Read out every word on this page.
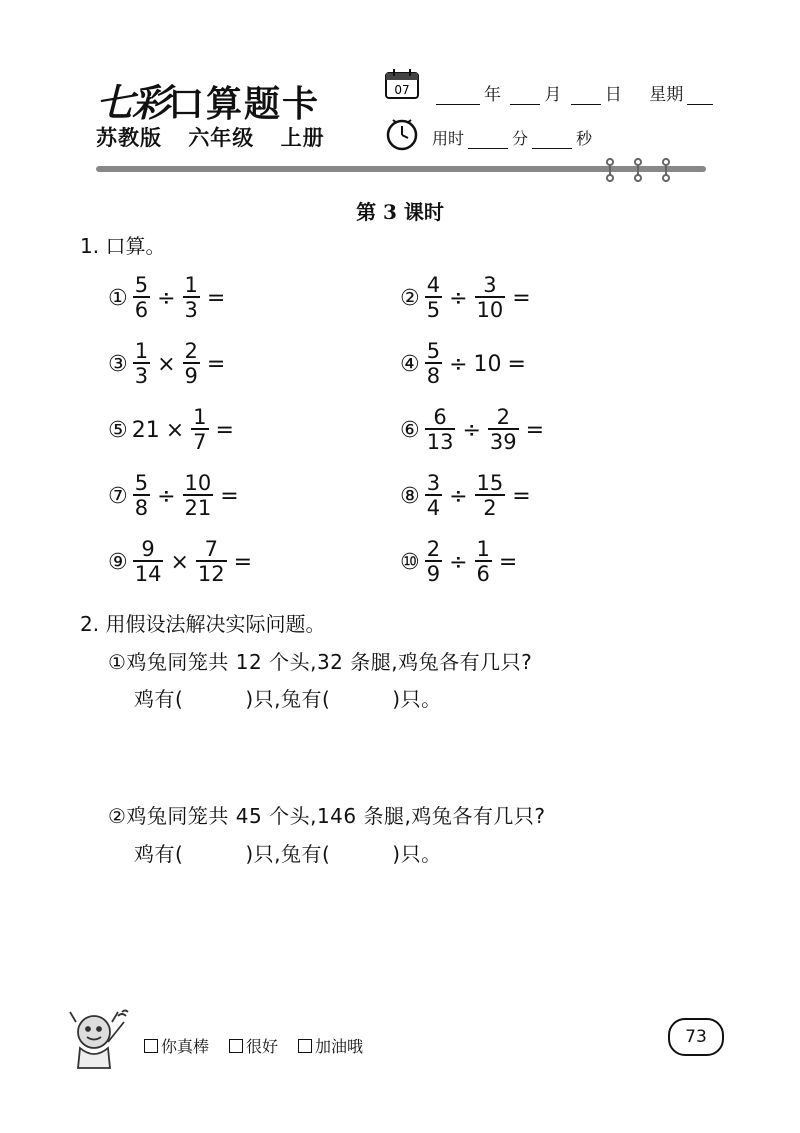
七彩口算题卡
苏教版 六年级 上册
07	年	月	日 星期
用时	分	秒
第 3 课时
1. 口算。
① $\frac{5}{6} \div \frac{1}{3}$ =	② $\frac{4}{5} \div \frac{3}{10}$ =
③ $\frac{1}{3} \times \frac{2}{9}$ =	④ $\frac{5}{8} \div 10$ =
⑤ $21 \times \frac{1}{7}$ =	⑥ $\frac{6}{13} \div \frac{2}{39}$ =
⑦ $\frac{5}{8} \div \frac{10}{21}$ =	⑧ $\frac{3}{4} \div \frac{15}{2}$ =
⑨ $\frac{9}{14} \times \frac{7}{12}$ =	⑩ $\frac{2}{9} \div \frac{1}{6}$ =
2. 用假设法解决实际问题。
①鸡兔同笼共 12 个头,32 条腿,鸡兔各有几只?
鸡有(	)只,兔有(	)只。
②鸡兔同笼共 45 个头,146 条腿,鸡兔各有几只?
鸡有(	)只,兔有(	)只。
你真棒 很好 加油哦	73
